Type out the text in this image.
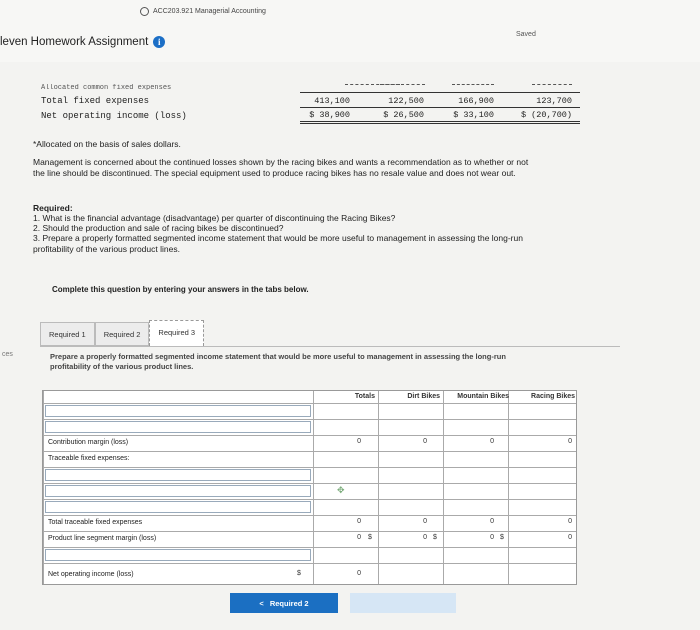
ACC203.921 Managerial Accounting
Saved
leven Homework Assignment	i
Allocated common fixed expenses
Total fixed expenses	413,100	122,500	166,900	123,700
Net operating income (loss)	$ 38,900	$ 26,500	$ 33,100	$ (20,700)
*Allocated on the basis of sales dollars.
Management is concerned about the continued losses shown by the racing bikes and wants a recommendation as to whether or not
the line should be discontinued. The special equipment used to produce racing bikes has no resale value and does not wear out.
Required:
1. What is the financial advantage (disadvantage) per quarter of discontinuing the Racing Bikes?
2. Should the production and sale of racing bikes be discontinued?
3. Prepare a properly formatted segmented income statement that would be more useful to management in assessing the long-run
profitability of the various product lines.
Complete this question by entering your answers in the tabs below.
Required 1	Required 2	Required 3
ces	Prepare a properly formatted segmented income statement that would be more useful to management in assessing the long-run
profitability of the various product lines.
Totals	Dirt Bikes	Mountain Bikes	Racing Bikes
Contribution margin (loss)	0	0	0	0
Traceable fixed expenses:
✥
Total traceable fixed expenses	0	0	0	0
Product line segment margin (loss)	0 $	0 $	0 $	0
Net operating income (loss)	$	0
< Required 2
